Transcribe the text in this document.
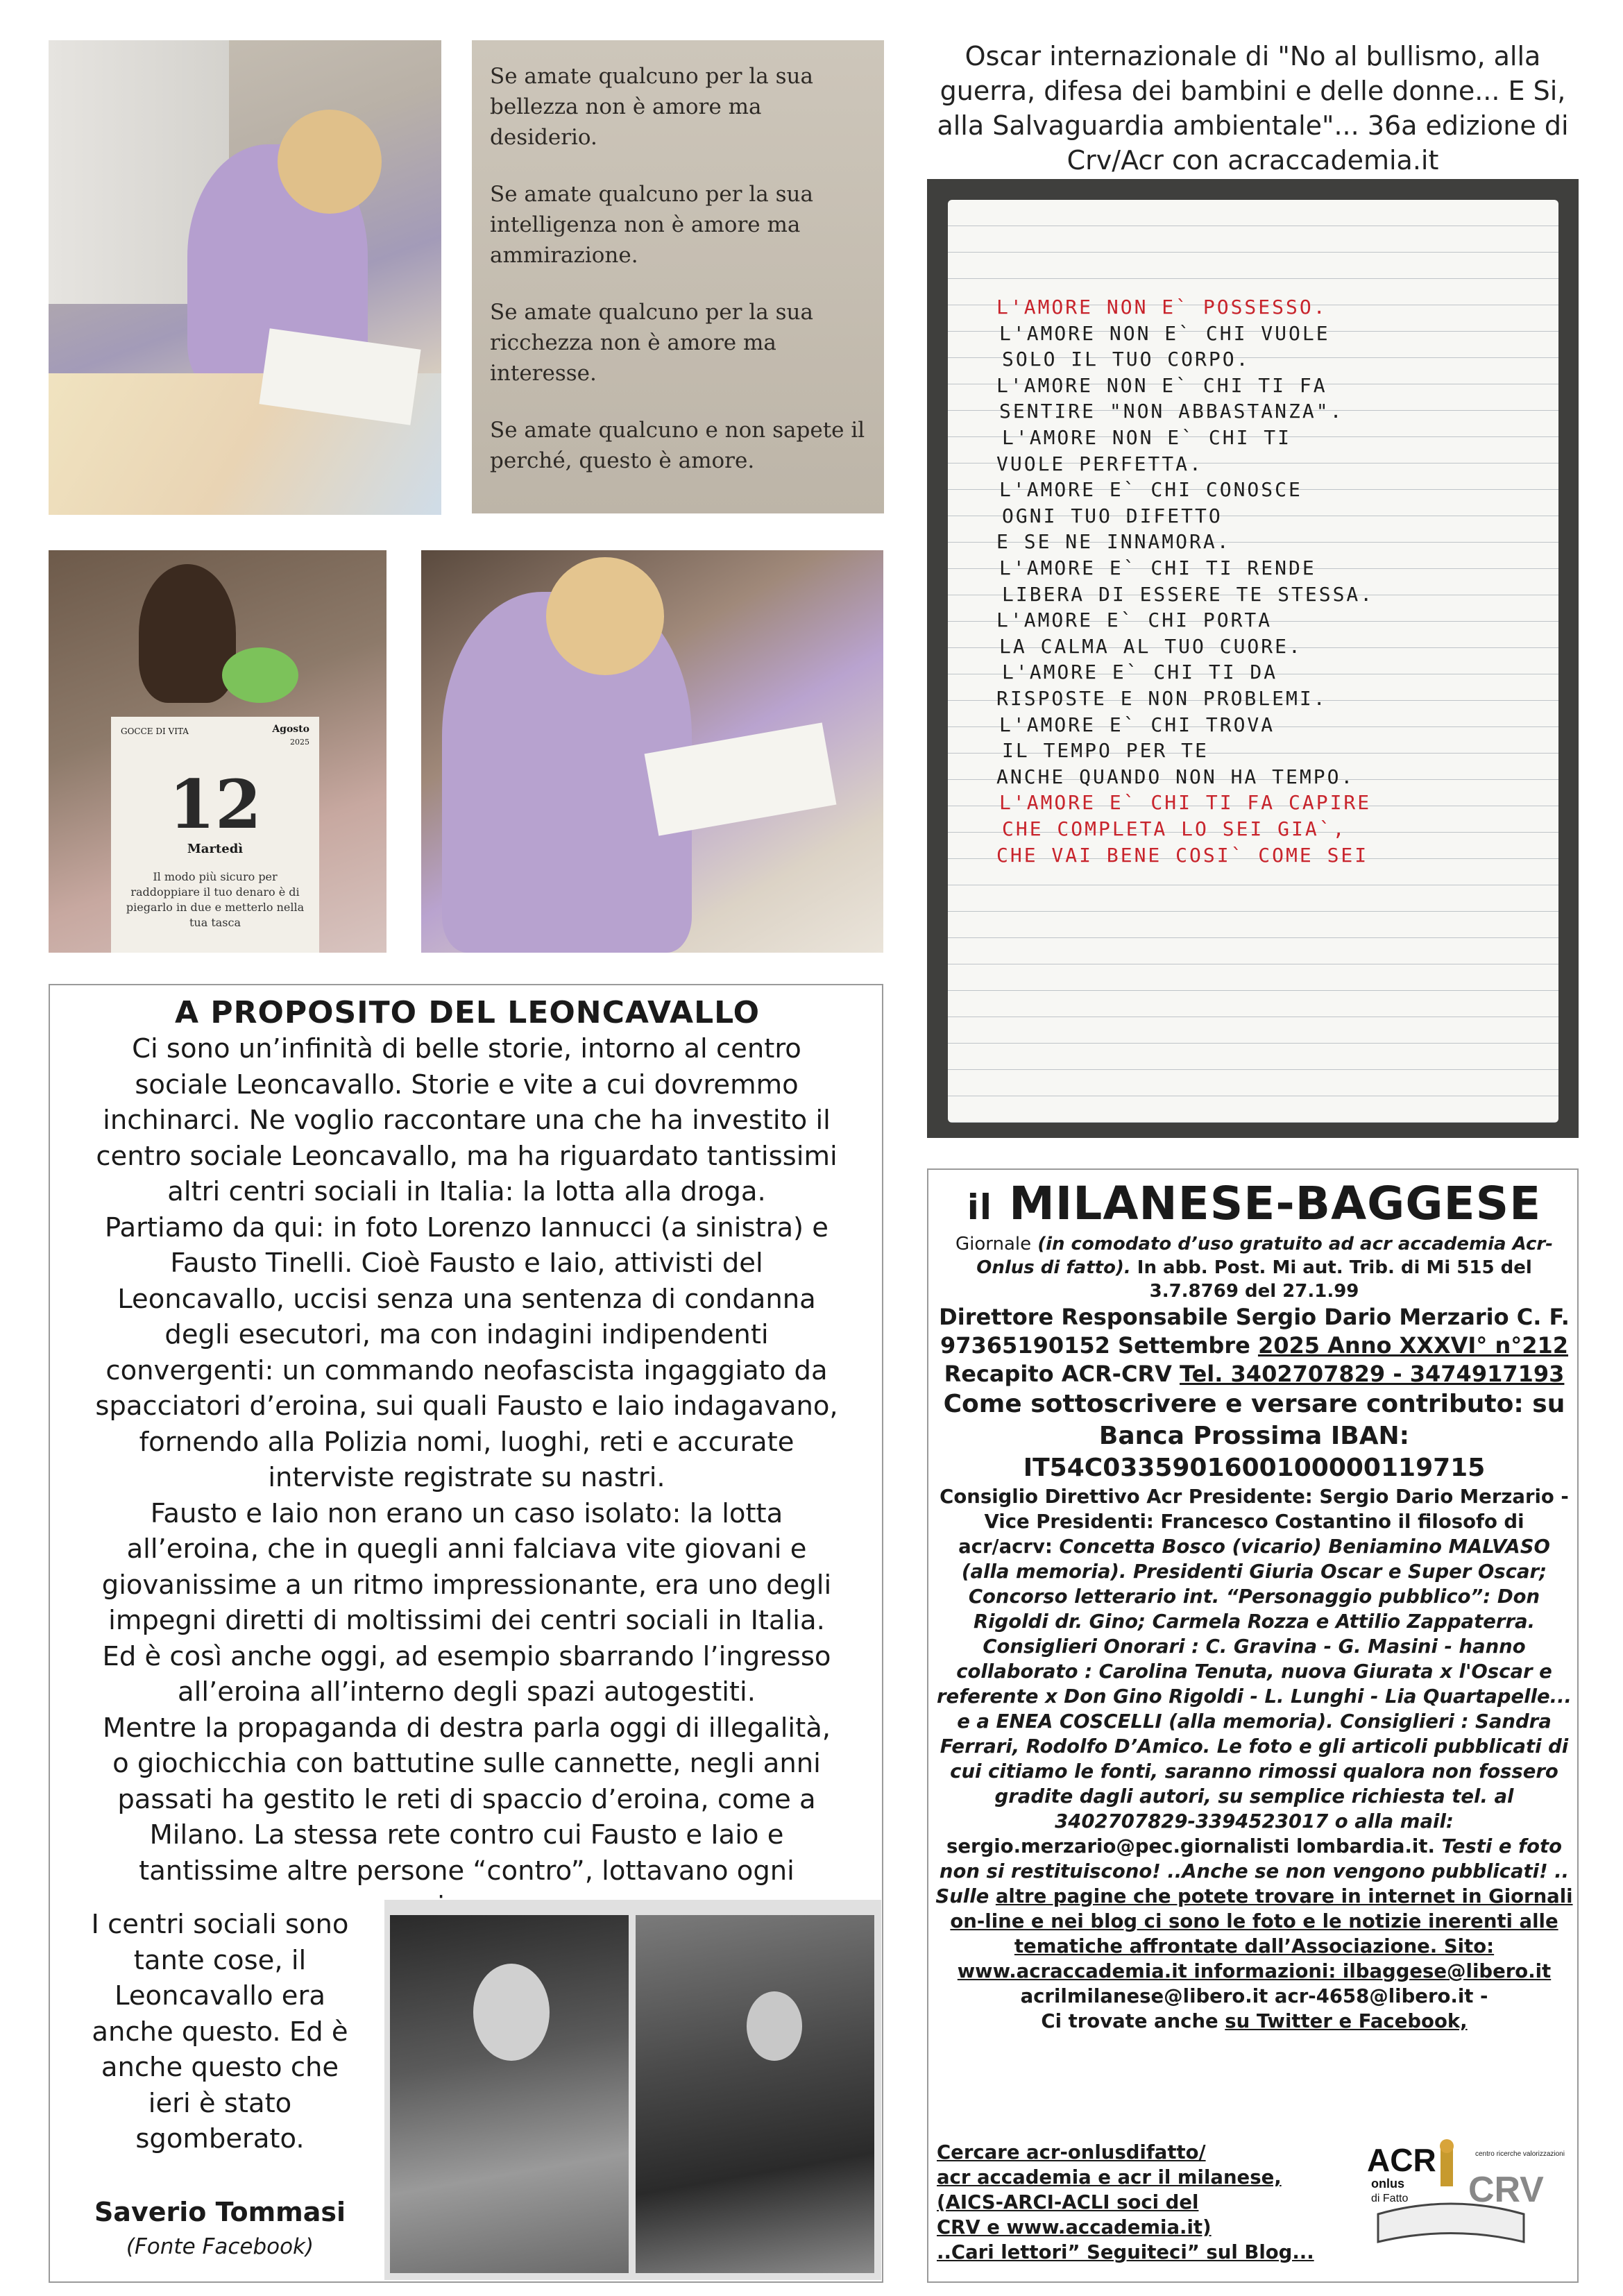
Se amate qualcuno per la sua bellezza non è amore ma desiderio.

Se amate qualcuno per la sua intelligenza non è amore ma ammirazione.

Se amate qualcuno per la sua ricchezza non è amore ma interesse.

Se amate qualcuno e non sapete il perché, questo è amore.

Oscar internazionale di "No al bullismo, alla guerra, difesa dei bambini e delle donne... E Si, alla Salvaguardia ambientale"... 36a edizione di Crv/Acr con acraccademia.it
GOCCE DI VITA	Agosto
2025
12
Martedì
Il modo più sicuro per raddoppiare il tuo denaro è di piegarlo in due e metterlo nella tua tasca
L'AMORE NON E` POSSESSO.
L'AMORE NON E` CHI VUOLE
SOLO IL TUO CORPO.
L'AMORE NON E` CHI TI FA
SENTIRE "NON ABBASTANZA".
L'AMORE NON E` CHI TI
VUOLE PERFETTA.
L'AMORE E` CHI CONOSCE
OGNI TUO DIFETTO
E SE NE INNAMORA.
L'AMORE E` CHI TI RENDE
LIBERA DI ESSERE TE STESSA.
L'AMORE E` CHI PORTA
LA CALMA AL TUO CUORE.
L'AMORE E` CHI TI DA
RISPOSTE E NON PROBLEMI.
L'AMORE E` CHI TROVA
IL TEMPO PER TE
ANCHE QUANDO NON HA TEMPO.
L'AMORE E` CHI TI FA CAPIRE
CHE COMPLETA LO SEI GIA`,
CHE VAI BENE COSI` COME SEI
A PROPOSITO DEL LEONCAVALLO
Ci sono un’infinità di belle storie, intorno al centro
sociale Leoncavallo. Storie e vite a cui dovremmo
inchinarci. Ne voglio raccontare una che ha investito il
centro sociale Leoncavallo, ma ha riguardato tantissimi
altri centri sociali in Italia: la lotta alla droga.
Partiamo da qui: in foto Lorenzo Iannucci (a sinistra) e
Fausto Tinelli. Cioè Fausto e Iaio, attivisti del
Leoncavallo, uccisi senza una sentenza di condanna
degli esecutori, ma con indagini indipendenti
convergenti: un commando neofascista ingaggiato da
spacciatori d’eroina, sui quali Fausto e Iaio indagavano,
fornendo alla Polizia nomi, luoghi, reti e accurate
interviste registrate su nastri.
Fausto e Iaio non erano un caso isolato: la lotta
all’eroina, che in quegli anni falciava vite giovani e
giovanissime a un ritmo impressionante, era uno degli
impegni diretti di moltissimi dei centri sociali in Italia.
Ed è così anche oggi, ad esempio sbarrando l’ingresso
all’eroina all’interno degli spazi autogestiti.
Mentre la propaganda di destra parla oggi di illegalità,
o giochicchia con battutine sulle cannette, negli anni
passati ha gestito le reti di spaccio d’eroina, come a
Milano. La stessa rete contro cui Fausto e Iaio e
tantissime altre persone “contro”, lottavano ogni
I centri sociali sono
tante cose, il
Leoncavallo era
anche questo. Ed è
anche questo che
ieri è stato
sgomberato.
Saverio Tommasi
(Fonte Facebook)
il MILANESE-BAGGESE
Giornale (in comodato d’uso gratuito ad acr accademia Acr- Onlus di fatto). In abb. Post. Mi aut. Trib. di Mi 515 del 3.7.8769 del 27.1.99
Direttore Responsabile Sergio Dario Merzario C. F. 97365190152 Settembre 2025 Anno XXXVI° n°212 Recapito ACR-CRV Tel. 3402707829 - 3474917193
Come sottoscrivere e versare contributo: su Banca Prossima IBAN:
IT54C0335901600100000119715
Consiglio Direttivo Acr Presidente: Sergio Dario Merzario - Vice Presidenti: Francesco Costantino il filosofo di acr/acrv: Concetta Bosco (vicario) Beniamino MALVASO (alla memoria). Presidenti Giuria Oscar e Super Oscar; Concorso letterario int. “Personaggio pubblico”: Don Rigoldi dr. Gino; Carmela Rozza e Attilio Zappaterra. Consiglieri Onorari : C. Gravina - G. Masini - hanno collaborato : Carolina Tenuta, nuova Giurata x l'Oscar e referente x Don Gino Rigoldi - L. Lunghi - Lia Quartapelle... e a ENEA COSCELLI (alla memoria). Consiglieri : Sandra Ferrari, Rodolfo D’Amico. Le foto e gli articoli pubblicati di cui citiamo le fonti, saranno rimossi qualora non fossero gradite dagli autori, su semplice richiesta tel. al 3402707829-3394523017 o alla mail: sergio.merzario@pec.giornalisti lombardia.it. Testi e foto non si restituiscono! ..Anche se non vengono pubblicati! .. Sulle altre pagine che potete trovare in internet in Giornali on-line e nei blog ci sono le foto e le notizie inerenti alle tematiche affrontate dall’Associazione. Sito: www.acraccademia.it informazioni: ilbaggese@libero.it
acrilmilanese@libero.it acr-4658@libero.it -
Ci trovate anche su Twitter e Facebook,
Cercare acr-onlusdifatto/
acr accademia e acr il milanese,
(AICS-ARCI-ACLI soci del
CRV e www.accademia.it)
..Cari lettori” Seguiteci” sul Blog...
ACR
onlus
di Fatto
centro ricerche valorizzazioni
CRV
